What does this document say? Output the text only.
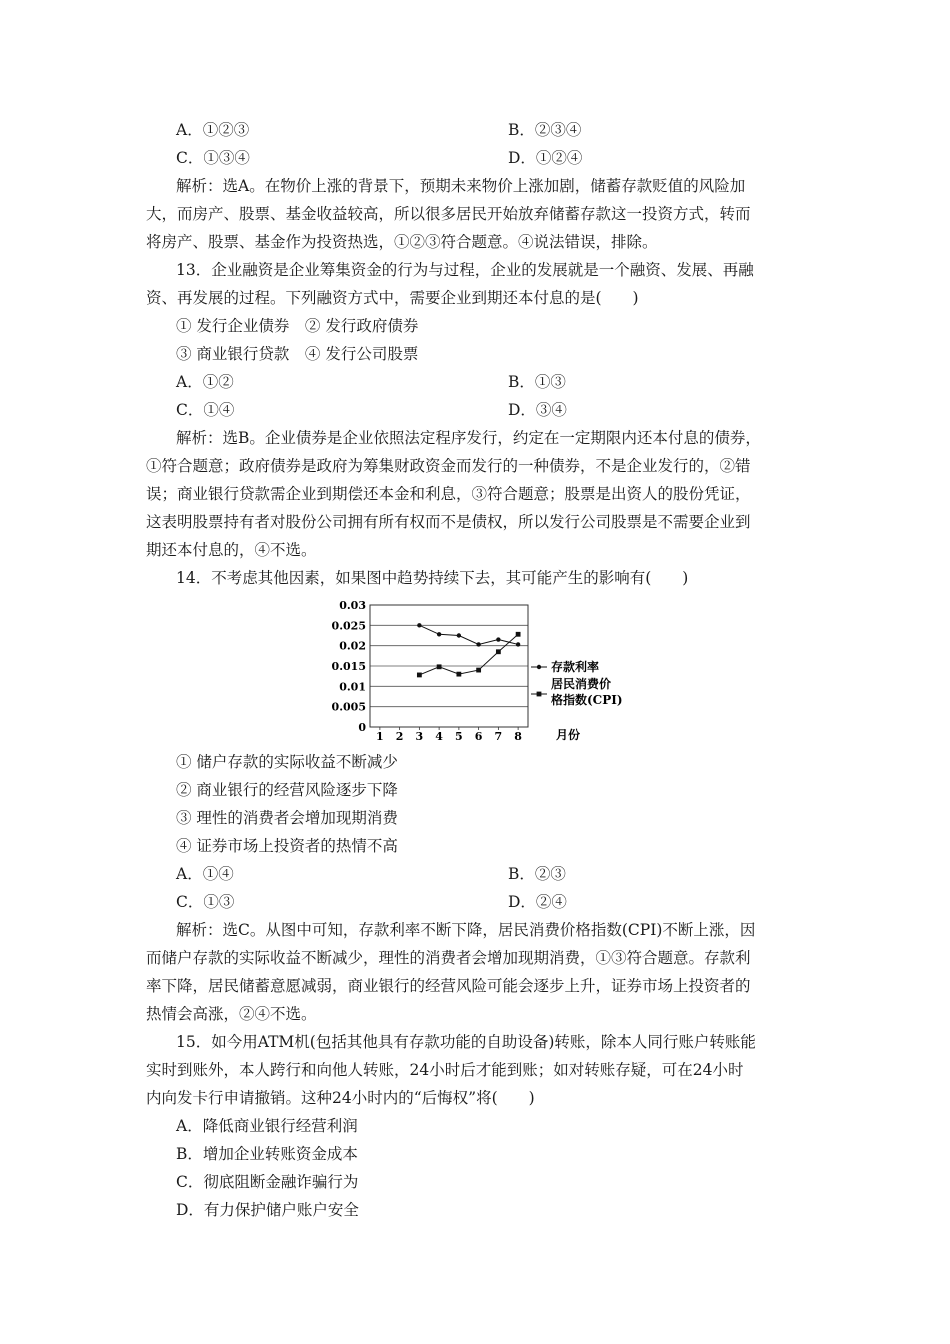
A．①②③	B．②③④
C．①③④	D．①②④
解析：选A。在物价上涨的背景下，预期未来物价上涨加剧，储蓄存款贬值的风险加
大，而房产、股票、基金收益较高，所以很多居民开始放弃储蓄存款这一投资方式，转而
将房产、股票、基金作为投资热选，①②③符合题意。④说法错误，排除。
13．企业融资是企业筹集资金的行为与过程，企业的发展就是一个融资、发展、再融
资、再发展的过程。下列融资方式中，需要企业到期还本付息的是(　　)
① 发行企业债券　② 发行政府债券
③ 商业银行贷款　④ 发行公司股票
A．①②	B．①③
C．①④	D．③④
解析：选B。企业债券是企业依照法定程序发行，约定在一定期限内还本付息的债券，
①符合题意；政府债券是政府为筹集财政资金而发行的一种债券，不是企业发行的，②错
误；商业银行贷款需企业到期偿还本金和利息，③符合题意；股票是出资人的股份凭证，
这表明股票持有者对股份公司拥有所有权而不是债权，所以发行公司股票是不需要企业到
期还本付息的，④不选。
14．不考虑其他因素，如果图中趋势持续下去，其可能产生的影响有(　　)
0.03
0.025
0.02
0.015
0.01
0.005
0
1 2 3 4 5 6 7 8	月份
存款利率
居民消费价
格指数(CPI)
① 储户存款的实际收益不断减少
② 商业银行的经营风险逐步下降
③ 理性的消费者会增加现期消费
④ 证券市场上投资者的热情不高
A．①④	B．②③
C．①③	D．②④
解析：选C。从图中可知，存款利率不断下降，居民消费价格指数(CPI)不断上涨，因
而储户存款的实际收益不断减少，理性的消费者会增加现期消费，①③符合题意。存款利
率下降，居民储蓄意愿减弱，商业银行的经营风险可能会逐步上升，证券市场上投资者的
热情会高涨，②④不选。
15．如今用ATM机(包括其他具有存款功能的自助设备)转账，除本人同行账户转账能
实时到账外，本人跨行和向他人转账，24小时后才能到账；如对转账存疑，可在24小时
内向发卡行申请撤销。这种24小时内的“后悔权”将(　　)
A．降低商业银行经营利润
B．增加企业转账资金成本
C．彻底阻断金融诈骗行为
D．有力保护储户账户安全
